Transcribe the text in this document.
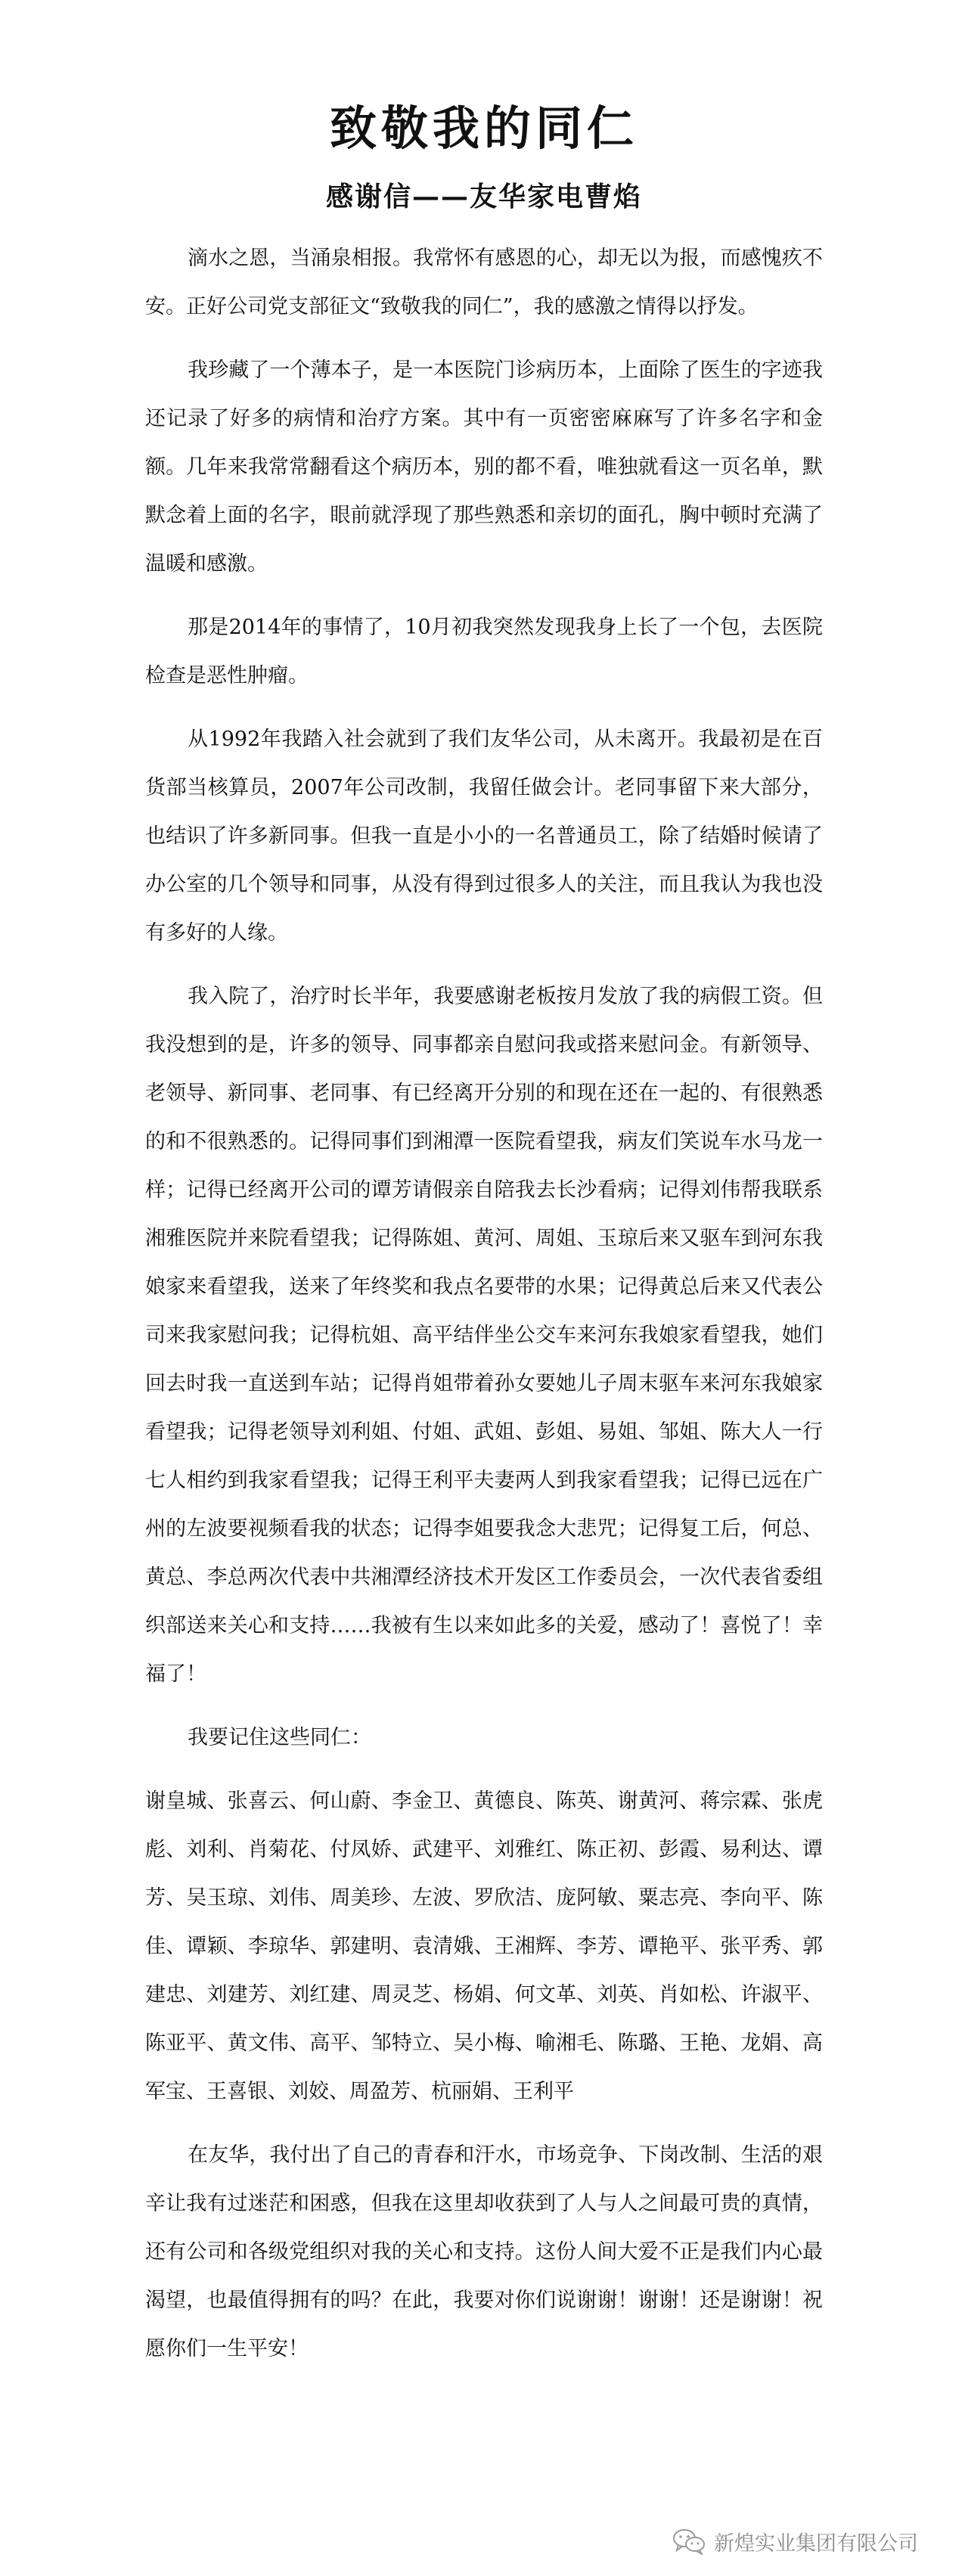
致敬我的同仁
感谢信——友华家电曹焰

滴水之恩，当涌泉相报。我常怀有感恩的心，却无以为报，而感愧疚不安。正好公司党支部征文“致敬我的同仁”，我的感激之情得以抒发。

我珍藏了一个薄本子，是一本医院门诊病历本，上面除了医生的字迹我还记录了好多的病情和治疗方案。其中有一页密密麻麻写了许多名字和金额。几年来我常常翻看这个病历本，别的都不看，唯独就看这一页名单，默默念着上面的名字，眼前就浮现了那些熟悉和亲切的面孔，胸中顿时充满了温暖和感激。

那是2014年的事情了，10月初我突然发现我身上长了一个包，去医院检查是恶性肿瘤。

从1992年我踏入社会就到了我们友华公司，从未离开。我最初是在百货部当核算员，2007年公司改制，我留任做会计。老同事留下来大部分，也结识了许多新同事。但我一直是小小的一名普通员工，除了结婚时候请了办公室的几个领导和同事，从没有得到过很多人的关注，而且我认为我也没有多好的人缘。

我入院了，治疗时长半年，我要感谢老板按月发放了我的病假工资。但我没想到的是，许多的领导、同事都亲自慰问我或搭来慰问金。有新领导、老领导、新同事、老同事、有已经离开分别的和现在还在一起的、有很熟悉的和不很熟悉的。记得同事们到湘潭一医院看望我，病友们笑说车水马龙一样；记得已经离开公司的谭芳请假亲自陪我去长沙看病；记得刘伟帮我联系湘雅医院并来院看望我；记得陈姐、黄河、周姐、玉琼后来又驱车到河东我娘家来看望我，送来了年终奖和我点名要带的水果；记得黄总后来又代表公司来我家慰问我；记得杭姐、高平结伴坐公交车来河东我娘家看望我，她们回去时我一直送到车站；记得肖姐带着孙女要她儿子周末驱车来河东我娘家看望我；记得老领导刘利姐、付姐、武姐、彭姐、易姐、邹姐、陈大人一行七人相约到我家看望我；记得王利平夫妻两人到我家看望我；记得已远在广州的左波要视频看我的状态；记得李姐要我念大悲咒；记得复工后，何总、黄总、李总两次代表中共湘潭经济技术开发区工作委员会，一次代表省委组织部送来关心和支持……我被有生以来如此多的关爱，感动了！喜悦了！幸福了！

我要记住这些同仁：

谢皇城、张喜云、何山蔚、李金卫、黄德良、陈英、谢黄河、蒋宗霖、张虎彪、刘利、肖菊花、付凤娇、武建平、刘雅红、陈正初、彭霞、易利达、谭芳、吴玉琼、刘伟、周美珍、左波、罗欣洁、庞阿敏、粟志亮、李向平、陈佳、谭颖、李琼华、郭建明、袁清娥、王湘辉、李芳、谭艳平、张平秀、郭建忠、刘建芳、刘红建、周灵芝、杨娟、何文革、刘英、肖如松、许淑平、陈亚平、黄文伟、高平、邹特立、吴小梅、喻湘毛、陈璐、王艳、龙娟、高军宝、王喜银、刘姣、周盈芳、杭丽娟、王利平

在友华，我付出了自己的青春和汗水，市场竞争、下岗改制、生活的艰辛让我有过迷茫和困惑，但我在这里却收获到了人与人之间最可贵的真情，还有公司和各级党组织对我的关心和支持。这份人间大爱不正是我们内心最渴望，也最值得拥有的吗？在此，我要对你们说谢谢！谢谢！还是谢谢！祝愿你们一生平安！

新煌实业集团有限公司
